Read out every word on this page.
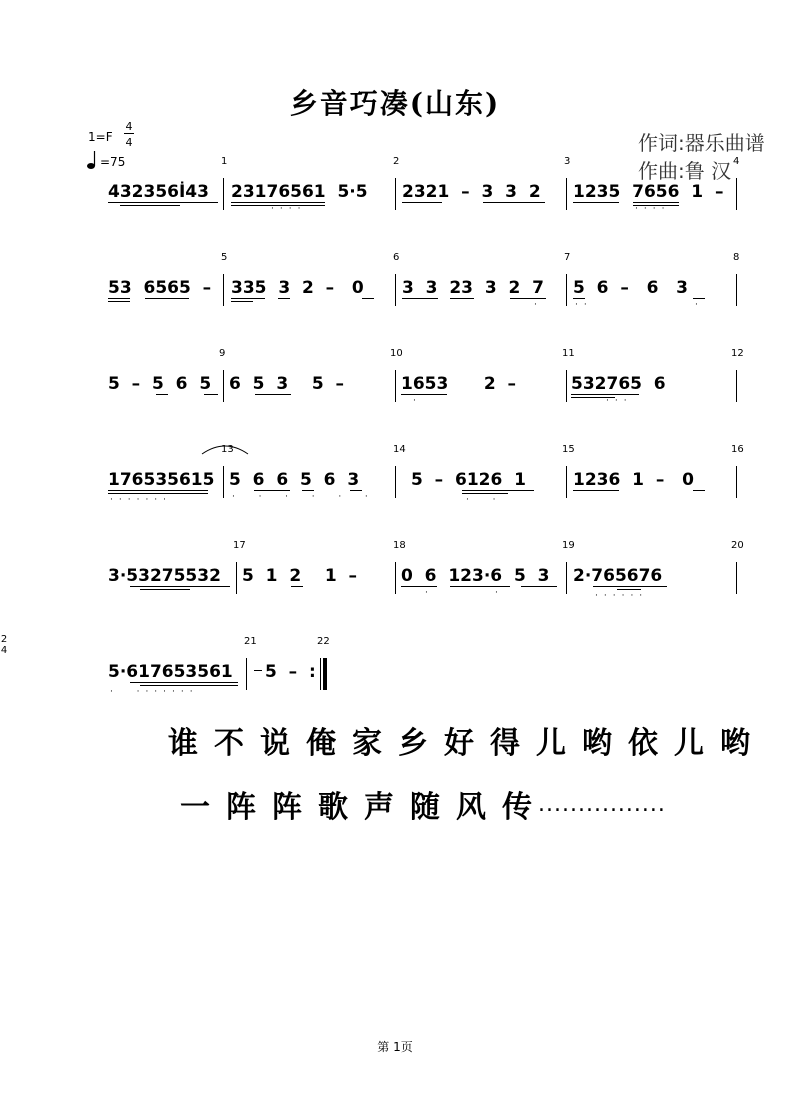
乡音巧凑(山东)
1=F
4
4
=75
作词:器乐曲谱
作曲:鲁 汉
1	2	3	4
432356İ43 23176561  5·5 2321  –  3  3  2 1235  7656  1  –
····	····
5	6	7	8
53  6565  – 335  3  2  –   0 3  3  23  3  2  7 5  6  –   6   3
·	··	·
9	10	11	12
5  –  5  6  5 6  5  3    5  –	1653      2  –	532765  6
·	···
13	14	15	16
176535615 5  6  6  5  6  3	5  –  6126  1	1236  1  –   0
·······	·  ·  ·  ·  ·  ·	·  ·
17	18	19	20
3·53275532 5  1  2    1  –	0  6  123·6  5  3 2·765676
·	·	······
21	22
5·617653561
2
4
5  –  :
·  ·······
谁不说俺家乡好得儿哟依儿哟
一阵阵歌声随风传
................
第 1页
